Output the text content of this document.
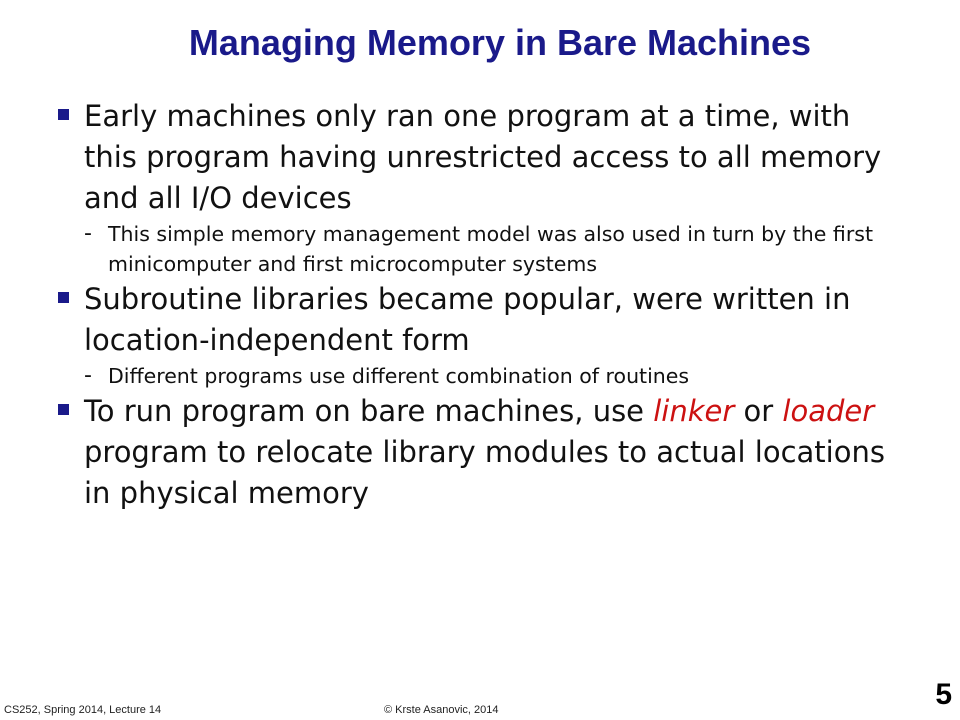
Managing Memory in Bare Machines
Early machines only ran one program at a time, with this program having unrestricted access to all memory and all I/O devices
- This simple memory management model was also used in turn by the first minicomputer and first microcomputer systems
Subroutine libraries became popular, were written in location-independent form
- Different programs use different combination of routines
To run program on bare machines, use linker or loader program to relocate library modules to actual locations in physical memory
CS252, Spring 2014, Lecture 14	© Krste Asanovic, 2014	5
